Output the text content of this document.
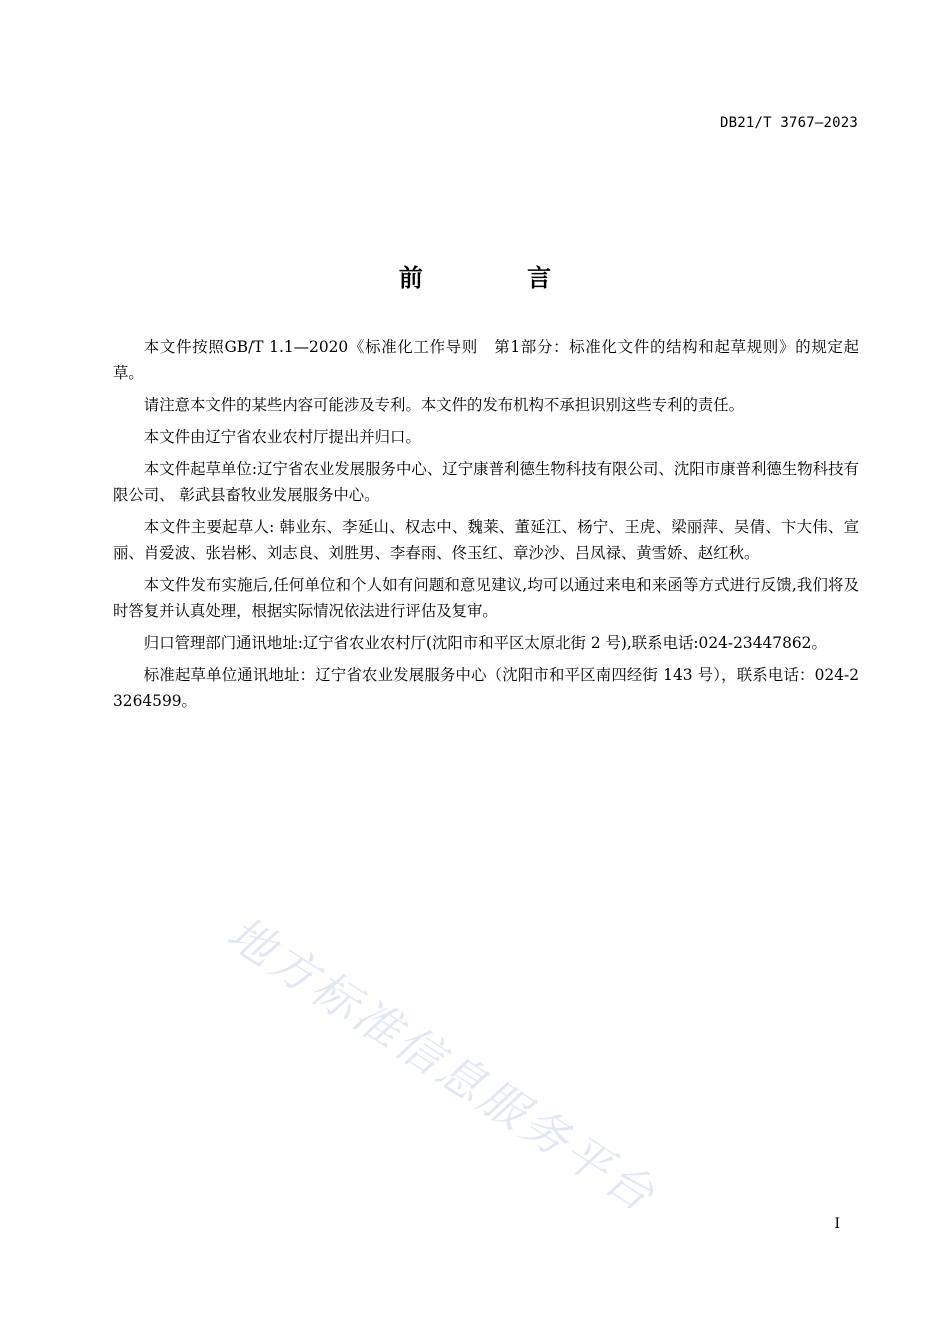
DB21/T 3767—2023
前 言

本文件按照GB/T 1.1—2020《标准化工作导则　第1部分：标准化文件的结构和起草规则》的规定起草。

请注意本文件的某些内容可能涉及专利。本文件的发布机构不承担识别这些专利的责任。

本文件由辽宁省农业农村厅提出并归口。

本文件起草单位:辽宁省农业发展服务中心、辽宁康普利德生物科技有限公司、沈阳市康普利德生物科技有限公司、 彰武县畜牧业发展服务中心。

本文件主要起草人: 韩业东、李延山、权志中、魏莱、董延江、杨宁、王虎、梁丽萍、吴倩、卞大伟、宣丽、肖爱波、张岩彬、刘志良、刘胜男、李春雨、佟玉红、章沙沙、吕凤禄、黄雪娇、赵红秋。

本文件发布实施后,任何单位和个人如有问题和意见建议,均可以通过来电和来函等方式进行反馈,我们将及时答复并认真处理，根据实际情况依法进行评估及复审。

归口管理部门通讯地址:辽宁省农业农村厅(沈阳市和平区太原北街 2 号),联系电话:024-23447862。

标准起草单位通讯地址：辽宁省农业发展服务中心（沈阳市和平区南四经街 143 号），联系电话：024-23264599。

地方标准信息服务平台
I
